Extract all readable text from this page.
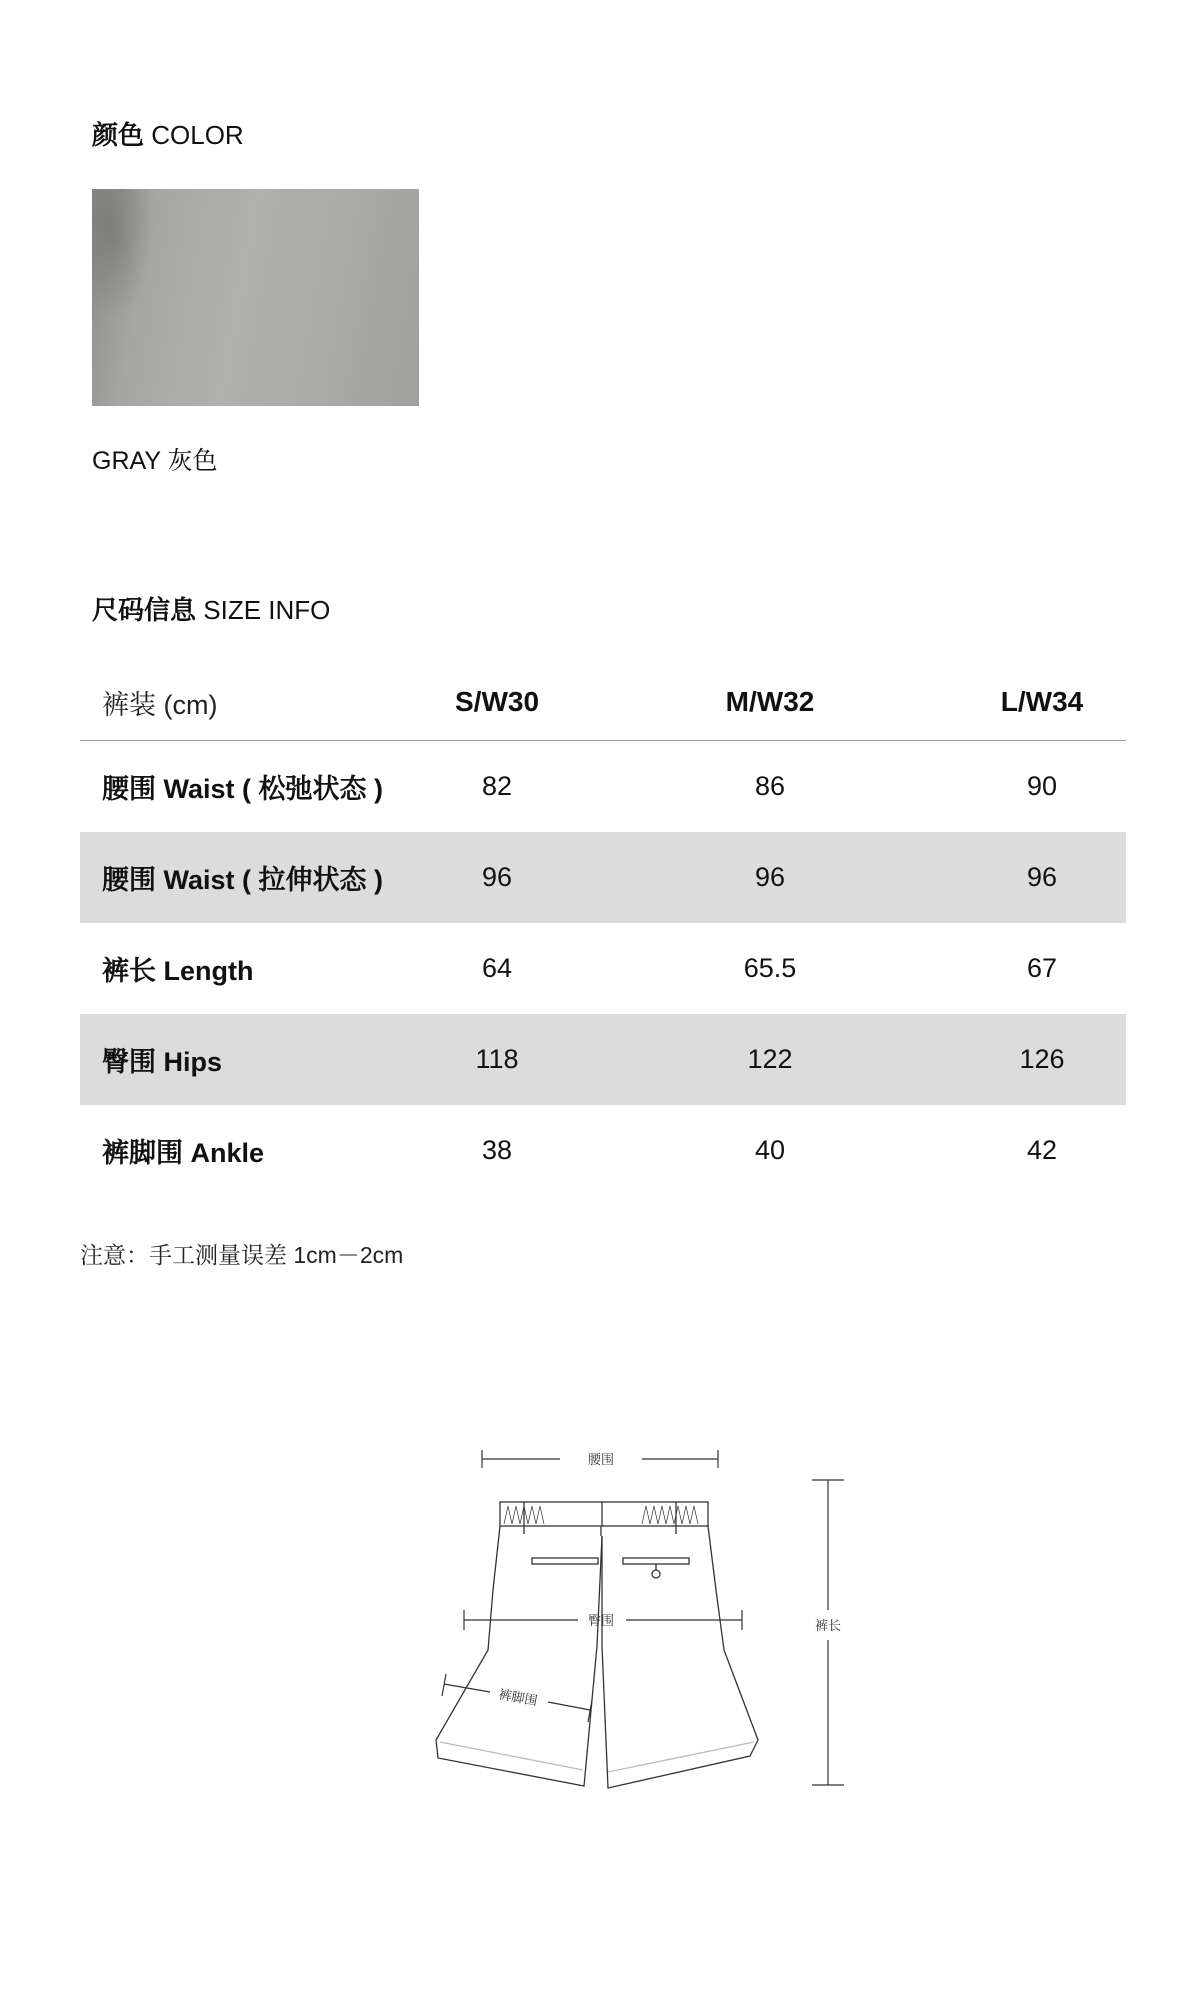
颜色 COLOR
GRAY 灰色
尺码信息 SIZE INFO
裤装 (cm)	S/W30	M/W32	L/W34
腰围 Waist ( 松弛状态 )	82	86	90
腰围 Waist ( 拉伸状态 )	96	96	96
裤长 Length	64	65.5	67
臀围 Hips	118	122	126
裤脚围 Ankle	38	40	42
注意：手工测量误差 1cm－2cm
腰围
臀围
裤脚围
裤长
